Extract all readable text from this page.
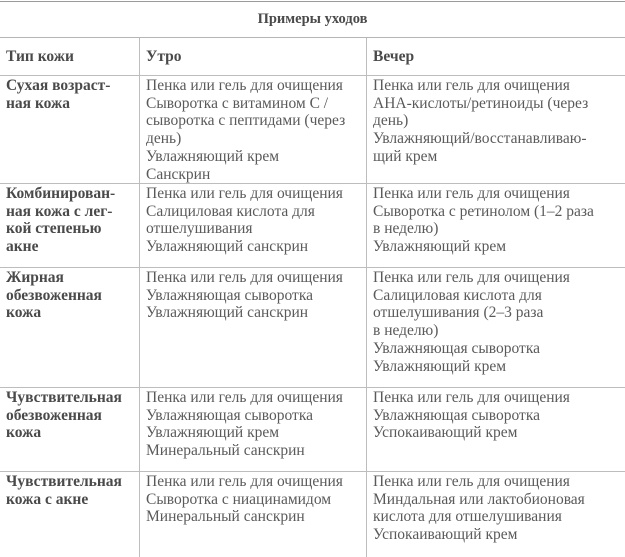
Примеры уходов
Тип кожи	Утро	Вечер
Сухая возраст-
ная кожа
Пенка или гель для очищения
Сыворотка с витамином С /
сыворотка с пептидами (через
день)
Увлажняющий крем
Санскрин
Пенка или гель для очищения
АНА-кислоты/ретиноиды (через
день)
Увлажняющий/восстанавливаю-
щий крем
Комбинирован-
ная кожа с лег-
кой степенью
акне
Пенка или гель для очищения
Салициловая кислота для
отшелушивания
Увлажняющий санскрин
Пенка или гель для очищения
Сыворотка с ретинолом (1–2 раза
в неделю)
Увлажняющий крем
Жирная
обезвоженная
кожа
Пенка или гель для очищения
Увлажняющая сыворотка
Увлажняющий санскрин
Пенка или гель для очищения
Салициловая кислота для
отшелушивания (2–3 раза
в неделю)
Увлажняющая сыворотка
Увлажняющий крем
Чувствительная
обезвоженная
кожа
Пенка или гель для очищения
Увлажняющая сыворотка
Увлажняющий крем
Минеральный санскрин
Пенка или гель для очищения
Увлажняющая сыворотка
Успокаивающий крем
Чувствительная
кожа с акне
Пенка или гель для очищения
Сыворотка с ниацинамидом
Минеральный санскрин
Пенка или гель для очищения
Миндальная или лактобионовая
кислота для отшелушивания
Успокаивающий крем
